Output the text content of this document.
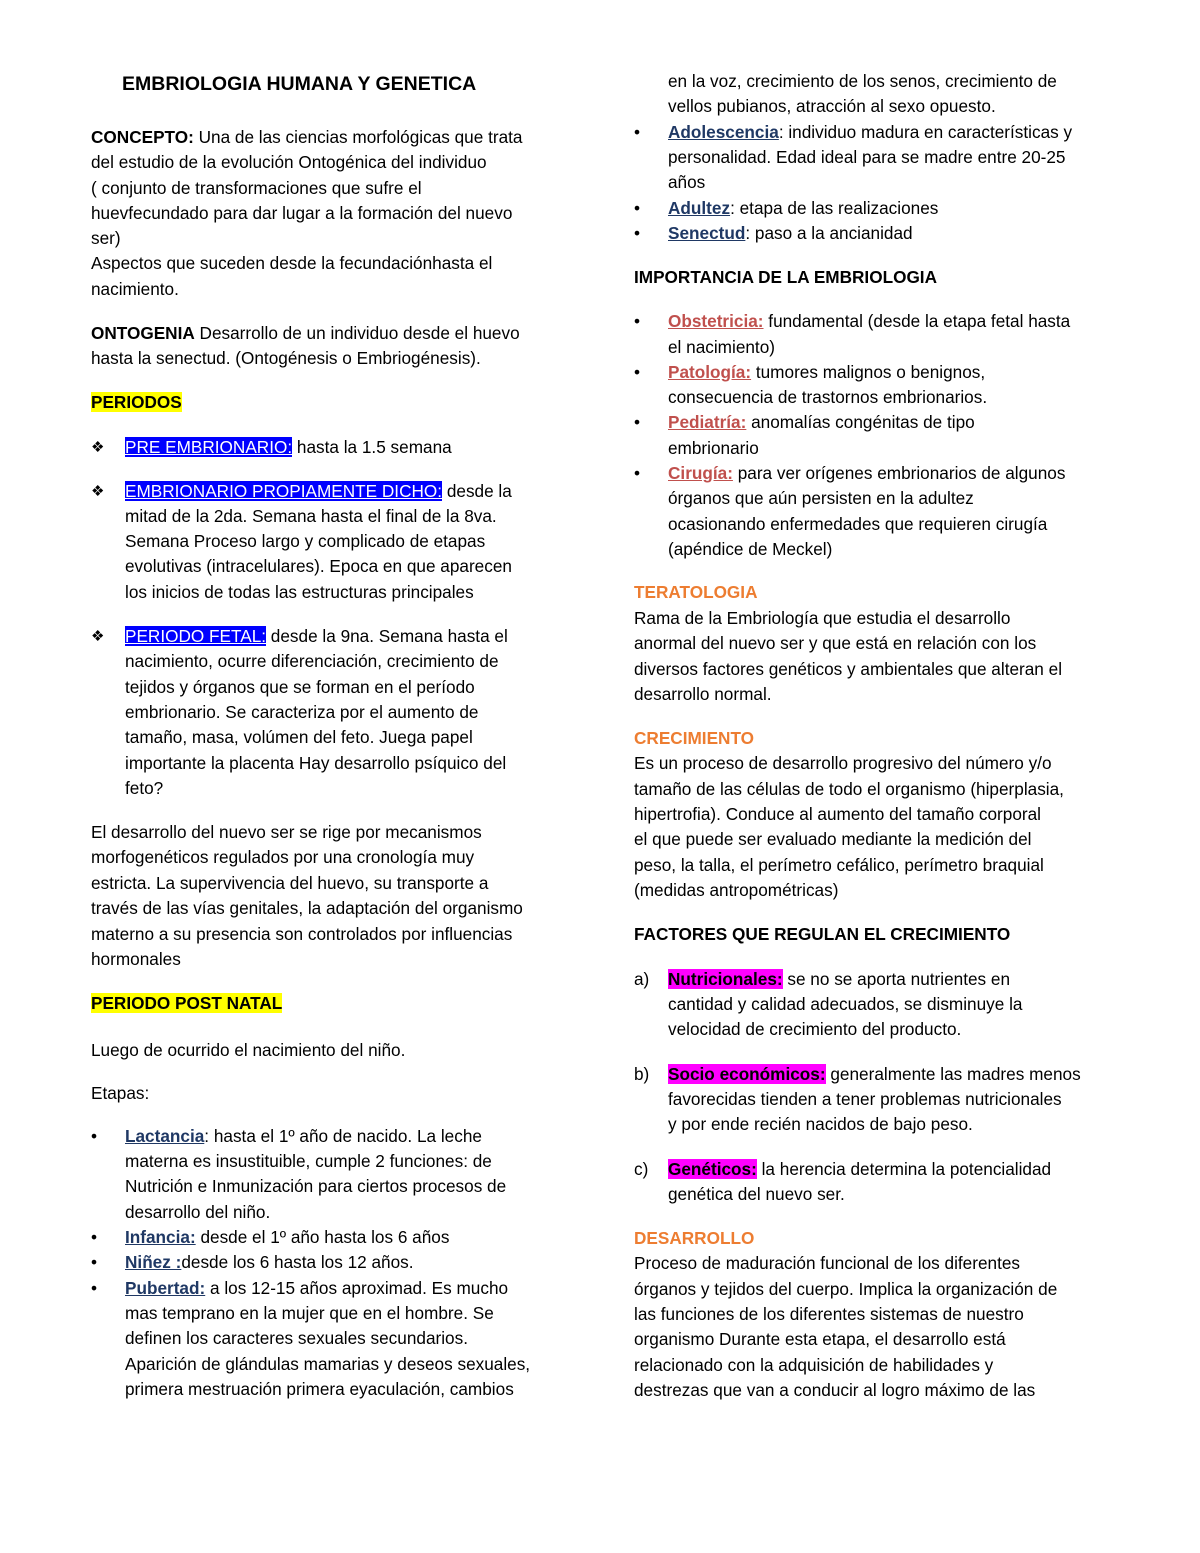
EMBRIOLOGIA HUMANA Y GENETICA
CONCEPTO: Una de las ciencias morfológicas que trata
del estudio de la evolución Ontogénica del individuo
( conjunto de transformaciones que sufre el
huevfecundado para dar lugar a la formación del nuevo
ser)
Aspectos que suceden desde la fecundaciónhasta el
nacimiento.
ONTOGENIA Desarrollo de un individuo desde el huevo
hasta la senectud. (Ontogénesis o Embriogénesis).
PERIODOS
❖ PRE EMBRIONARIO: hasta la 1.5 semana
❖ EMBRIONARIO PROPIAMENTE DICHO: desde la
mitad de la 2da. Semana hasta el final de la 8va.
Semana Proceso largo y complicado de etapas
evolutivas (intracelulares). Epoca en que aparecen
los inicios de todas las estructuras principales
❖ PERIODO FETAL: desde la 9na. Semana hasta el
nacimiento, ocurre diferenciación, crecimiento de
tejidos y órganos que se forman en el período
embrionario. Se caracteriza por el aumento de
tamaño, masa, volúmen del feto. Juega papel
importante la placenta Hay desarrollo psíquico del
feto?
El desarrollo del nuevo ser se rige por mecanismos
morfogenéticos regulados por una cronología muy
estricta. La supervivencia del huevo, su transporte a
través de las vías genitales, la adaptación del organismo
materno a su presencia son controlados por influencias
hormonales
PERIODO POST NATAL
Luego de ocurrido el nacimiento del niño.
Etapas:
• Lactancia: hasta el 1º año de nacido. La leche
materna es insustituible, cumple 2 funciones: de
Nutrición e Inmunización para ciertos procesos de
desarrollo del niño.
• Infancia: desde el 1º año hasta los 6 años
• Niñez :desde los 6 hasta los 12 años.
• Pubertad: a los 12-15 años aproximad. Es mucho
mas temprano en la mujer que en el hombre. Se
definen los caracteres sexuales secundarios.
Aparición de glándulas mamarias y deseos sexuales,
primera mestruación primera eyaculación, cambios
en la voz, crecimiento de los senos, crecimiento de
vellos pubianos, atracción al sexo opuesto.
• Adolescencia: individuo madura en características y
personalidad. Edad ideal para se madre entre 20-25
años
• Adultez: etapa de las realizaciones
• Senectud: paso a la ancianidad
IMPORTANCIA DE LA EMBRIOLOGIA
• Obstetricia: fundamental (desde la etapa fetal hasta
el nacimiento)
• Patología: tumores malignos o benignos,
consecuencia de trastornos embrionarios.
• Pediatría: anomalías congénitas de tipo
embrionario
• Cirugía: para ver orígenes embrionarios de algunos
órganos que aún persisten en la adultez
ocasionando enfermedades que requieren cirugía
(apéndice de Meckel)
TERATOLOGIA
Rama de la Embriología que estudia el desarrollo
anormal del nuevo ser y que está en relación con los
diversos factores genéticos y ambientales que alteran el
desarrollo normal.
CRECIMIENTO
Es un proceso de desarrollo progresivo del número y/o
tamaño de las células de todo el organismo (hiperplasia,
hipertrofia). Conduce al aumento del tamaño corporal
el que puede ser evaluado mediante la medición del
peso, la talla, el perímetro cefálico, perímetro braquial
(medidas antropométricas)
FACTORES QUE REGULAN EL CRECIMIENTO
a) Nutricionales: se no se aporta nutrientes en
cantidad y calidad adecuados, se disminuye la
velocidad de crecimiento del producto.
b) Socio económicos: generalmente las madres menos
favorecidas tienden a tener problemas nutricionales
y por ende recién nacidos de bajo peso.
c) Genéticos: la herencia determina la potencialidad
genética del nuevo ser.
DESARROLLO
Proceso de maduración funcional de los diferentes
órganos y tejidos del cuerpo. Implica la organización de
las funciones de los diferentes sistemas de nuestro
organismo Durante esta etapa, el desarrollo está
relacionado con la adquisición de habilidades y
destrezas que van a conducir al logro máximo de las
